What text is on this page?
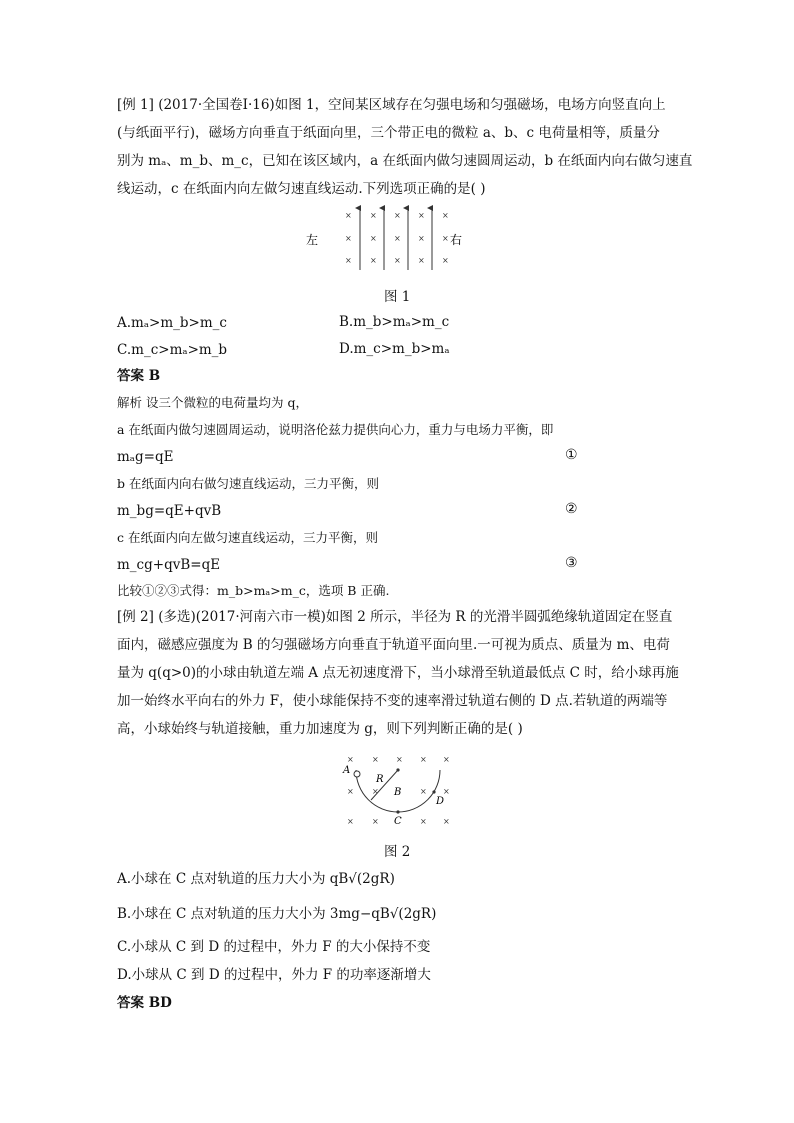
[例 1] (2017·全国卷Ⅰ·16)如图 1，空间某区域存在匀强电场和匀强磁场，电场方向竖直向上
(与纸面平行)，磁场方向垂直于纸面向里，三个带正电的微粒 a、b、c 电荷量相等，质量分
别为 mₐ、m_b、m_c，已知在该区域内，a 在纸面内做匀速圆周运动，b 在纸面内向右做匀速直
线运动，c 在纸面内向左做匀速直线运动.下列选项正确的是( )
× × × × ×
× × × × ×
× × × × ×
左	右
图 1
A.mₐ>m_b>m_c	B.m_b>mₐ>m_c
C.m_c>mₐ>m_b	D.m_c>m_b>mₐ
答案 B
解析 设三个微粒的电荷量均为 q，
a 在纸面内做匀速圆周运动，说明洛伦兹力提供向心力，重力与电场力平衡，即
mₐg=qE	①
b 在纸面内向右做匀速直线运动，三力平衡，则
m_bg=qE+qvB	②
c 在纸面内向左做匀速直线运动，三力平衡，则
m_cg+qvB=qE	③
比较①②③式得：m_b>mₐ>m_c，选项 B 正确.
[例 2] (多选)(2017·河南六市一模)如图 2 所示，半径为 R 的光滑半圆弧绝缘轨道固定在竖直
面内，磁感应强度为 B 的匀强磁场方向垂直于轨道平面向里.一可视为质点、质量为 m、电荷
量为 q(q>0)的小球由轨道左端 A 点无初速度滑下，当小球滑至轨道最低点 C 时，给小球再施
加一始终水平向右的外力 F，使小球能保持不变的速率滑过轨道右侧的 D 点.若轨道的两端等
高，小球始终与轨道接触，重力加速度为 g，则下列判断正确的是( )
× × × × ×
× ×	× ×
× ×	× ×
A
R
B
C
D
图 2
A.小球在 C 点对轨道的压力大小为 qB√(2gR)
B.小球在 C 点对轨道的压力大小为 3mg−qB√(2gR)
C.小球从 C 到 D 的过程中，外力 F 的大小保持不变
D.小球从 C 到 D 的过程中，外力 F 的功率逐渐增大
答案 BD
